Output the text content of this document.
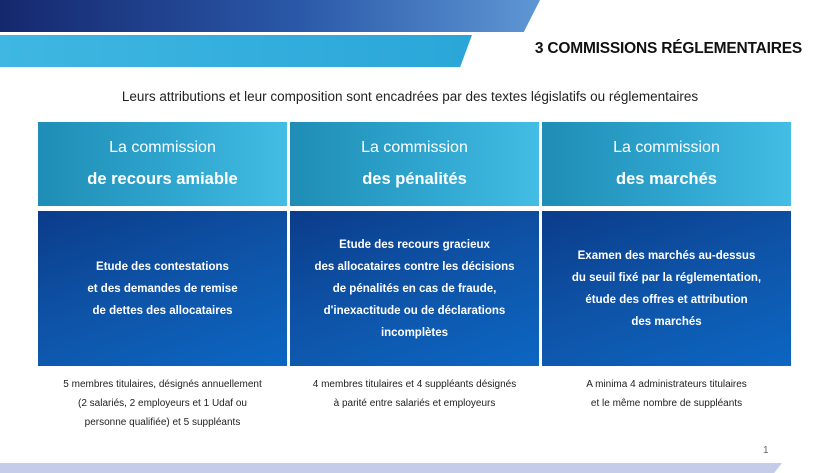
3 COMMISSIONS RÉGLEMENTAIRES
Leurs attributions et leur composition sont encadrées par des textes législatifs ou réglementaires
La commission
de recours amiable
Etude des contestations
et des demandes de remise
de dettes des allocataires
5 membres titulaires, désignés annuellement
(2 salariés, 2 employeurs et 1 Udaf ou
personne qualifiée) et 5 suppléants
La commission
des pénalités
Etude des recours gracieux
des allocataires contre les décisions
de pénalités en cas de fraude,
d'inexactitude ou de déclarations
incomplètes
4 membres titulaires et 4 suppléants désignés
à parité entre salariés et employeurs
La commission
des marchés
Examen des marchés au-dessus
du seuil fixé par la réglementation,
étude des offres et attribution
des marchés
A minima 4 administrateurs titulaires
et le même nombre de suppléants
1
